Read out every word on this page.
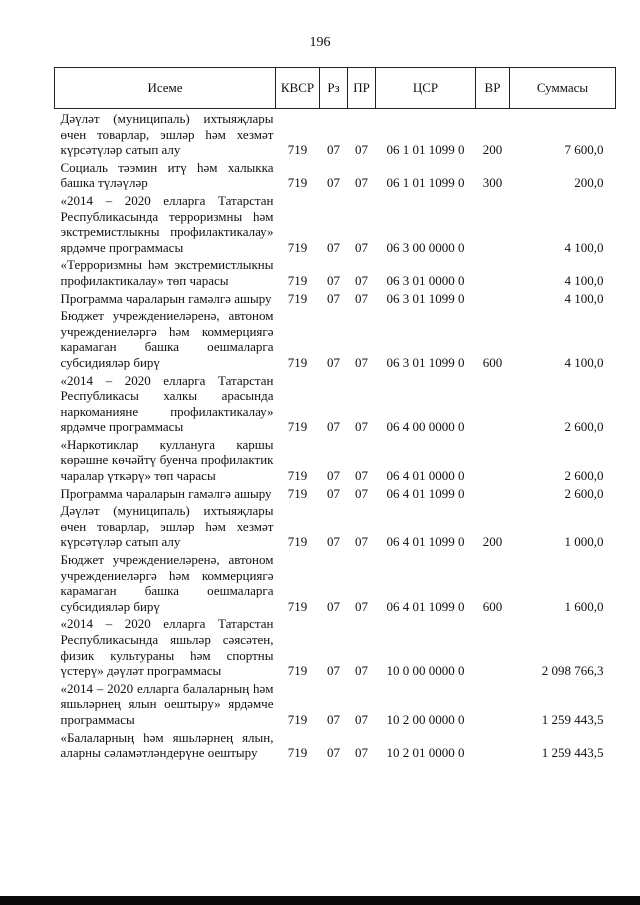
196
Исеме	КВСР	Рз	ПР	ЦСР	ВР	Суммасы
Дәүләт (муниципаль) ихтыяҗлары өчен товарлар, эшләр һәм хезмәт күрсәтүләр сатып алу	719	07	07	06 1 01 1099 0	200	7 600,0
Социаль тәэмин итү һәм халыкка башка түләүләр	719	07	07	06 1 01 1099 0	300	200,0
«2014 – 2020 елларга Татарстан Республикасында терроризмны һәм экстремистлыкны профилактикалау» ярдәмче программасы	719	07	07	06 3 00 0000 0		4 100,0
«Терроризмны һәм экстремистлыкны профилактикалау» төп чарасы	719	07	07	06 3 01 0000 0		4 100,0
Программа чараларын гамәлгә ашыру	719	07	07	06 3 01 1099 0		4 100,0
Бюджет учреждениеләренә, автоном учреждениеләргә һәм коммерциягә карамаган башка оешмаларга субсидияләр бирү	719	07	07	06 3 01 1099 0	600	4 100,0
«2014 – 2020 елларга Татарстан Республикасы халкы арасында наркоманияне профилактикалау» ярдәмче программасы	719	07	07	06 4 00 0000 0		2 600,0
«Наркотиклар куллануга каршы көрәшне көчәйтү буенча профилактик чаралар үткәрү» төп чарасы	719	07	07	06 4 01 0000 0		2 600,0
Программа чараларын гамәлгә ашыру	719	07	07	06 4 01 1099 0		2 600,0
Дәүләт (муниципаль) ихтыяҗлары өчен товарлар, эшләр һәм хезмәт күрсәтүләр сатып алу	719	07	07	06 4 01 1099 0	200	1 000,0
Бюджет учреждениеләренә, автоном учреждениеләргә һәм коммерциягә карамаган башка оешмаларга субсидияләр бирү	719	07	07	06 4 01 1099 0	600	1 600,0
«2014 – 2020 елларга Татарстан Республикасында яшьләр сәясәтен, физик культураны һәм спортны үстерү» дәүләт программасы	719	07	07	10 0 00 0000 0		2 098 766,3
«2014 – 2020 елларга балаларның һәм яшьләрнең ялын оештыру» ярдәмче программасы	719	07	07	10 2 00 0000 0		1 259 443,5
«Балаларның һәм яшьләрнең ялын, аларны сәламәтләндерүне оештыру	719	07	07	10 2 01 0000 0		1 259 443,5
